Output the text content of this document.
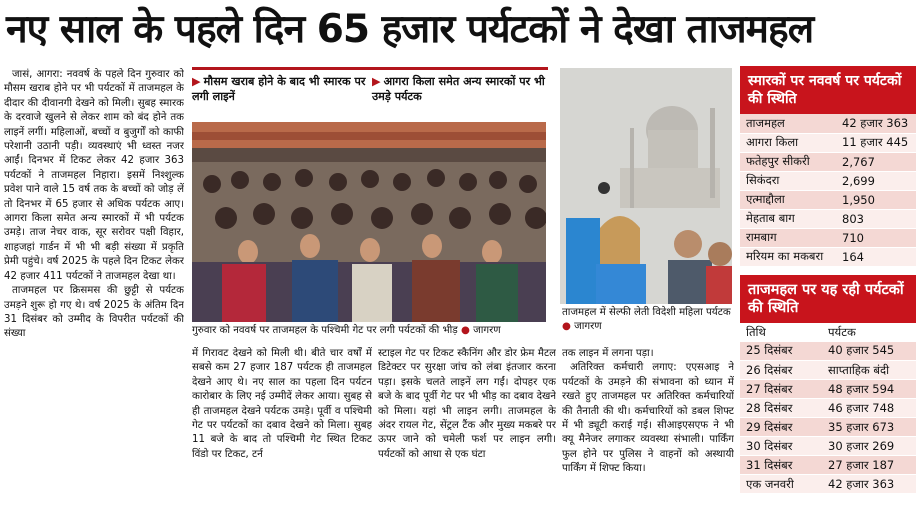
नए साल के पहले दिन 65 हजार पर्यटकों ने देखा ताजमहल

जासं, आगरा: नववर्ष के पहले दिन गुरुवार को मौसम खराब होने पर भी पर्यटकों में ताजमहल के दीदार की दीवानगी देखने को मिली। सुबह स्मारक के दरवाजे खुलने से लेकर शाम को बंद होने तक लाइनें लगीं। महिलाओं, बच्चों व बुजुर्गों को काफी परेशानी उठानी पड़ी। व्यवस्थाएं भी ध्वस्त नजर आईं। दिनभर में टिकट लेकर 42 हजार 363 पर्यटकों ने ताजमहल निहारा। इसमें निश्शुल्क प्रवेश पाने वाले 15 वर्ष तक के बच्चों को जोड़ लें तो दिनभर में 65 हजार से अधिक पर्यटक आए। आगरा किला समेत अन्य स्मारकों में भी पर्यटक उमड़े। ताज नेचर वाक, सूर सरोवर पक्षी विहार, शाहजहां गार्डन में भी भी बड़ी संख्या में प्रकृति प्रेमी पहुंचे। वर्ष 2025 के पहले दिन टिकट लेकर 42 हजार 411 पर्यटकों ने ताजमहल देखा था।

ताजमहल पर क्रिसमस की छुट्टी से पर्यटक उमड़ने शुरू हो गए थे। वर्ष 2025 के अंतिम दिन 31 दिसंबर को उम्मीद के विपरीत पर्यटकों की संख्या

▶ मौसम खराब होने के बाद भी स्मारक पर लगी लाइनें
▶ आगरा किला समेत अन्य स्मारकों पर भी उमड़े पर्यटक
गुरुवार को नववर्ष पर ताजमहल के पश्चिमी गेट पर लगी पर्यटकों की भीड़ ● जागरण
ताजमहल में सेल्फी लेती विदेशी महिला पर्यटक ● जागरण

में गिरावट देखने को मिली थी। बीते चार वर्षों में सबसे कम 27 हजार 187 पर्यटक ही ताजमहल देखने आए थे। नए साल का पहला दिन पर्यटन कारोबार के लिए नई उम्मीदें लेकर आया। सुबह से ही ताजमहल देखने पर्यटक उमड़े। पूर्वी व पश्चिमी गेट पर पर्यटकों का दबाव देखने को मिला। सुबह 11 बजे के बाद तो पश्चिमी गेट स्थित टिकट विंडो पर टिकट, टर्न

स्टाइल गेट पर टिकट स्कैनिंग और डोर फ्रेम मैटल डिटेक्टर पर सुरक्षा जांच को लंबा इंतजार करना पड़ा। इसके चलते लाइनें लग गईं। दोपहर एक बजे के बाद पूर्वी गेट पर भी भीड़ का दबाव देखने को मिला। यहां भी लाइन लगी। ताजमहल के अंदर रायल गेट, सेंट्रल टैंक और मुख्य मकबरे पर ऊपर जाने को चमेली फर्श पर लाइन लगी। पर्यटकों को आधा से एक घंटा

तक लाइन में लगना पड़ा।

अतिरिक्त कर्मचारी लगाए: एएसआइ ने पर्यटकों के उमड़ने की संभावना को ध्यान में रखते हुए ताजमहल पर अतिरिक्त कर्मचारियों की तैनाती की थी। कर्मचारियों को डबल शिफ्ट में भी ड्यूटी कराई गई। सीआइएसएफ ने भी क्यू मैनेजर लगाकर व्यवस्था संभाली। पार्किंग फुल होने पर पुलिस ने वाहनों को अस्थायी पार्किंग में शिफ्ट किया।

स्मारकों पर नववर्ष पर पर्यटकों की स्थिति
ताजमहल	42 हजार 363
आगरा किला	11 हजार 445
फतेहपुर सीकरी	2,767
सिकंदरा	2,699
एत्माद्दौला	1,950
मेहताब बाग	803
रामबाग	710
मरियम का मकबरा	164
ताजमहल पर यह रही पर्यटकों की स्थिति
तिथि	पर्यटक
25 दिसंबर	40 हजार 545
26 दिसंबर	साप्ताहिक बंदी
27 दिसंबर	48 हजार 594
28 दिसंबर	46 हजार 748
29 दिसंबर	35 हजार 673
30 दिसंबर	30 हजार 269
31 दिसंबर	27 हजार 187
एक जनवरी	42 हजार 363
